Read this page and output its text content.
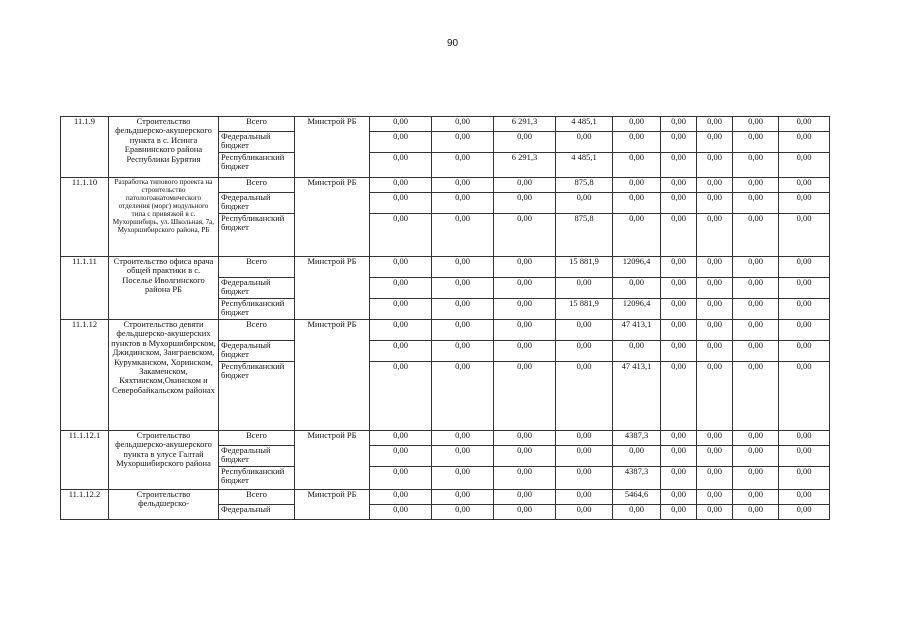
90
11.1.9	Строительство фельдшерско-акушерского пункта в с. Исинга Еравнинского района Республики Бурятия	Всего	Минстрой РБ	0,00	0,00	6 291,3	4 485,1	0,00	0,00	0,00	0,00	0,00
		Федеральный бюджет		0,00	0,00	0,00	0,00	0,00	0,00	0,00	0,00	0,00
		Республиканский бюджет		0,00	0,00	6 291,3	4 485,1	0,00	0,00	0,00	0,00	0,00
11.1.10	Разработка типового проекта на строительство патологоанатомического отделения (морг) модульного типа с привязкой в с. Мухоршибирь, ул. Школьная, 7а, Мухоршибирского района, РБ	Всего	Минстрой РБ	0,00	0,00	0,00	875,8	0,00	0,00	0,00	0,00	0,00
		Федеральный бюджет		0,00	0,00	0,00	0,00	0,00	0,00	0,00	0,00	0,00
		Республиканский бюджет		0,00	0,00	0,00	875,8	0,00	0,00	0,00	0,00	0,00
11.1.11	Строительство офиса врача общей практики в с. Поселье Иволгинского района РБ	Всего	Минстрой РБ	0,00	0,00	0,00	15 881,9	12096,4	0,00	0,00	0,00	0,00
		Федеральный бюджет		0,00	0,00	0,00	0,00	0,00	0,00	0,00	0,00	0,00
		Республиканский бюджет		0,00	0,00	0,00	15 881,9	12096,4	0,00	0,00	0,00	0,00
11.1.12	Строительство девяти фельдшерско-акушерских пунктов в Мухоршибирском, Джидинском, Заиграевском, Курумканском, Хоринском, Закаменском, Кяхтинском,Окинском и Северобайкальском районах	Всего	Минстрой РБ	0,00	0,00	0,00	0,00	47 413,1	0,00	0,00	0,00	0,00
		Федеральный бюджет		0,00	0,00	0,00	0,00	0,00	0,00	0,00	0,00	0,00
		Республиканский бюджет		0,00	0,00	0,00	0,00	47 413,1	0,00	0,00	0,00	0,00
11.1.12.1	Строительство фельдшерско-акушерского пункта в улусе Галтай Мухоршибирского района	Всего	Минстрой РБ	0,00	0,00	0,00	0,00	4387,3	0,00	0,00	0,00	0,00
		Федеральный бюджет		0,00	0,00	0,00	0,00	0,00	0,00	0,00	0,00	0,00
		Республиканский бюджет		0,00	0,00	0,00	0,00	4387,3	0,00	0,00	0,00	0,00
11.1.12.2	Строительство фельдшерско-	Всего	Минстрой РБ	0,00	0,00	0,00	0,00	5464,6	0,00	0,00	0,00	0,00
		Федеральный		0,00	0,00	0,00	0,00	0,00	0,00	0,00	0,00	0,00
